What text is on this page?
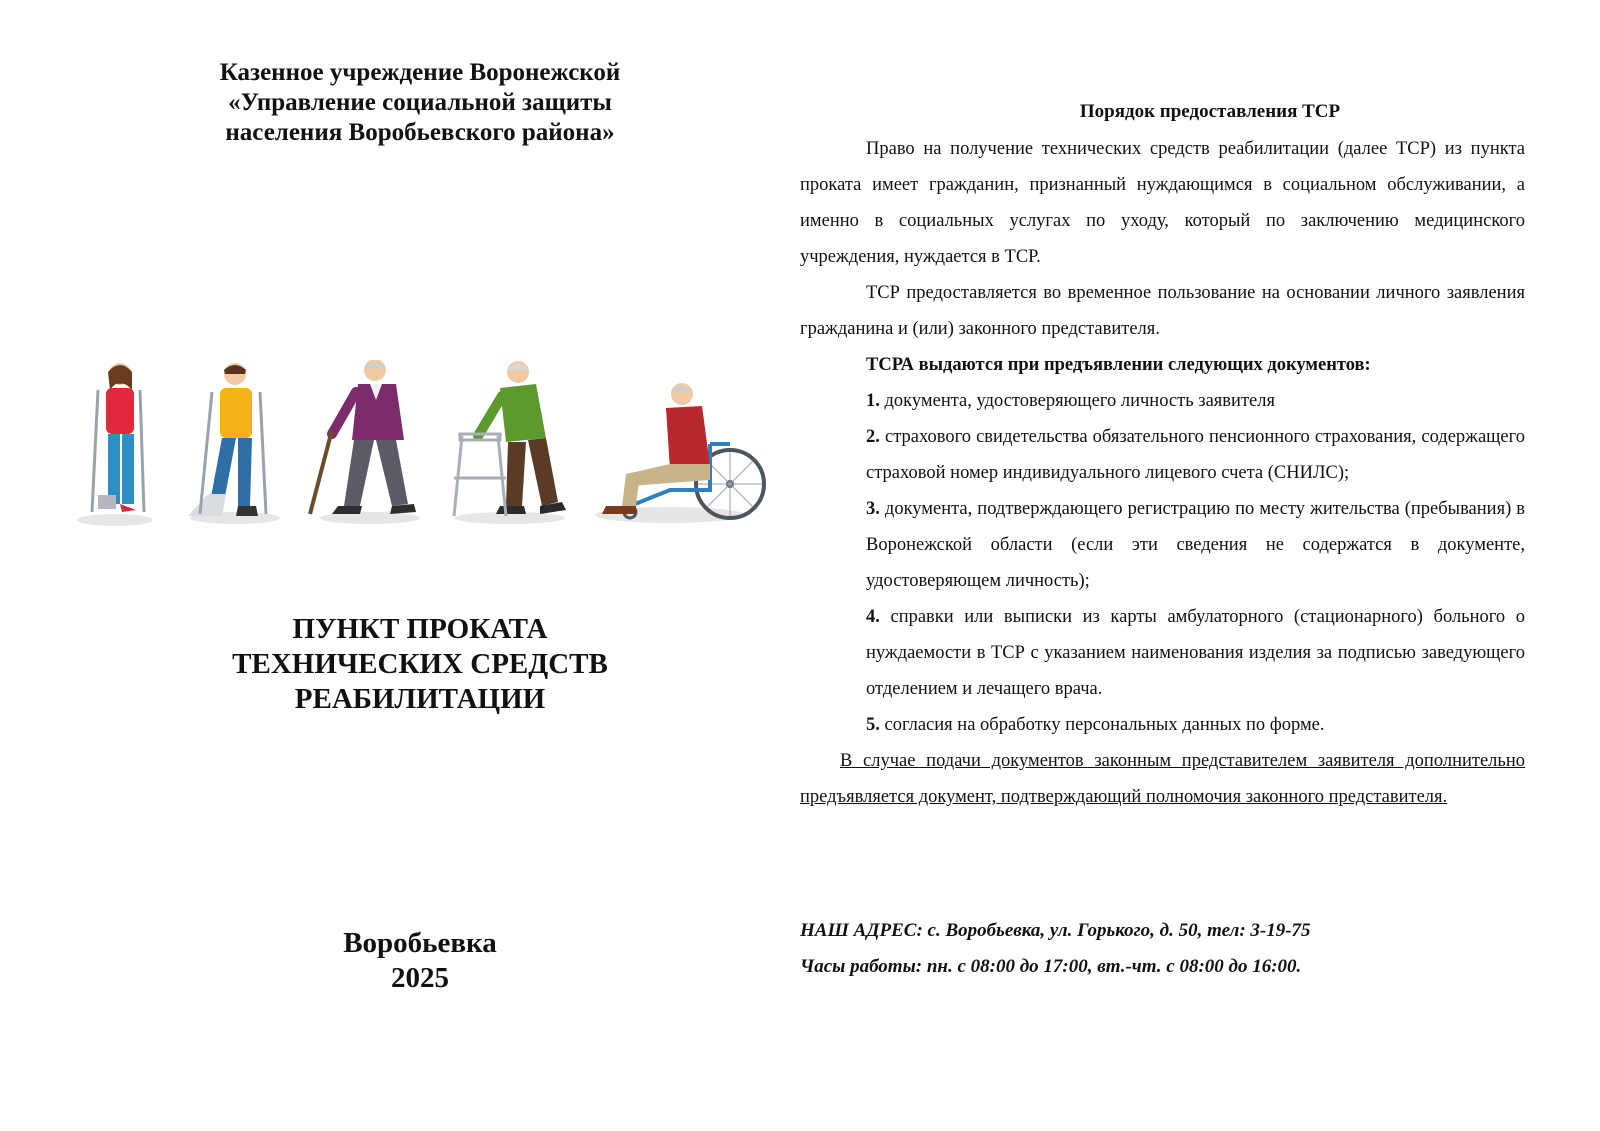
Казенное учреждение Воронежской
«Управление социальной защиты
населения Воробьевского района»
ПУНКТ ПРОКАТА
ТЕХНИЧЕСКИХ СРЕДСТВ
РЕАБИЛИТАЦИИ
Воробьевка
2025
Порядок предоставления ТСР

Право на получение технических средств реабилитации (далее ТСР) из пункта проката имеет гражданин, признанный нуждающимся в социальном обслуживании, а именно в социальных услугах по уходу, который по заключению медицинского учреждения, нуждается в ТСР.

ТСР предоставляется во временное пользование на основании личного заявления гражданина и (или) законного представителя.

ТСРА выдаются при предъявлении следующих документов:

1. документа, удостоверяющего личность заявителя

2. страхового свидетельства обязательного пенсионного страхования, содержащего страховой номер индивидуального лицевого счета (СНИЛС);

3. документа, подтверждающего регистрацию по месту жительства (пребывания) в Воронежской области (если эти сведения не содержатся в документе, удостоверяющем личность);

4. справки или выписки из карты амбулаторного (стационарного) больного о нуждаемости в ТСР с указанием наименования изделия за подписью заведующего отделением и лечащего врача.

5. согласия на обработку персональных данных по форме.

В случае подачи документов законным представителем заявителя дополнительно предъявляется документ, подтверждающий полномочия законного представителя.

НАШ АДРЕС: с. Воробьевка, ул. Горького, д. 50, тел: 3-19-75

Часы работы: пн. с 08:00 до 17:00, вт.-чт. с 08:00 до 16:00.
